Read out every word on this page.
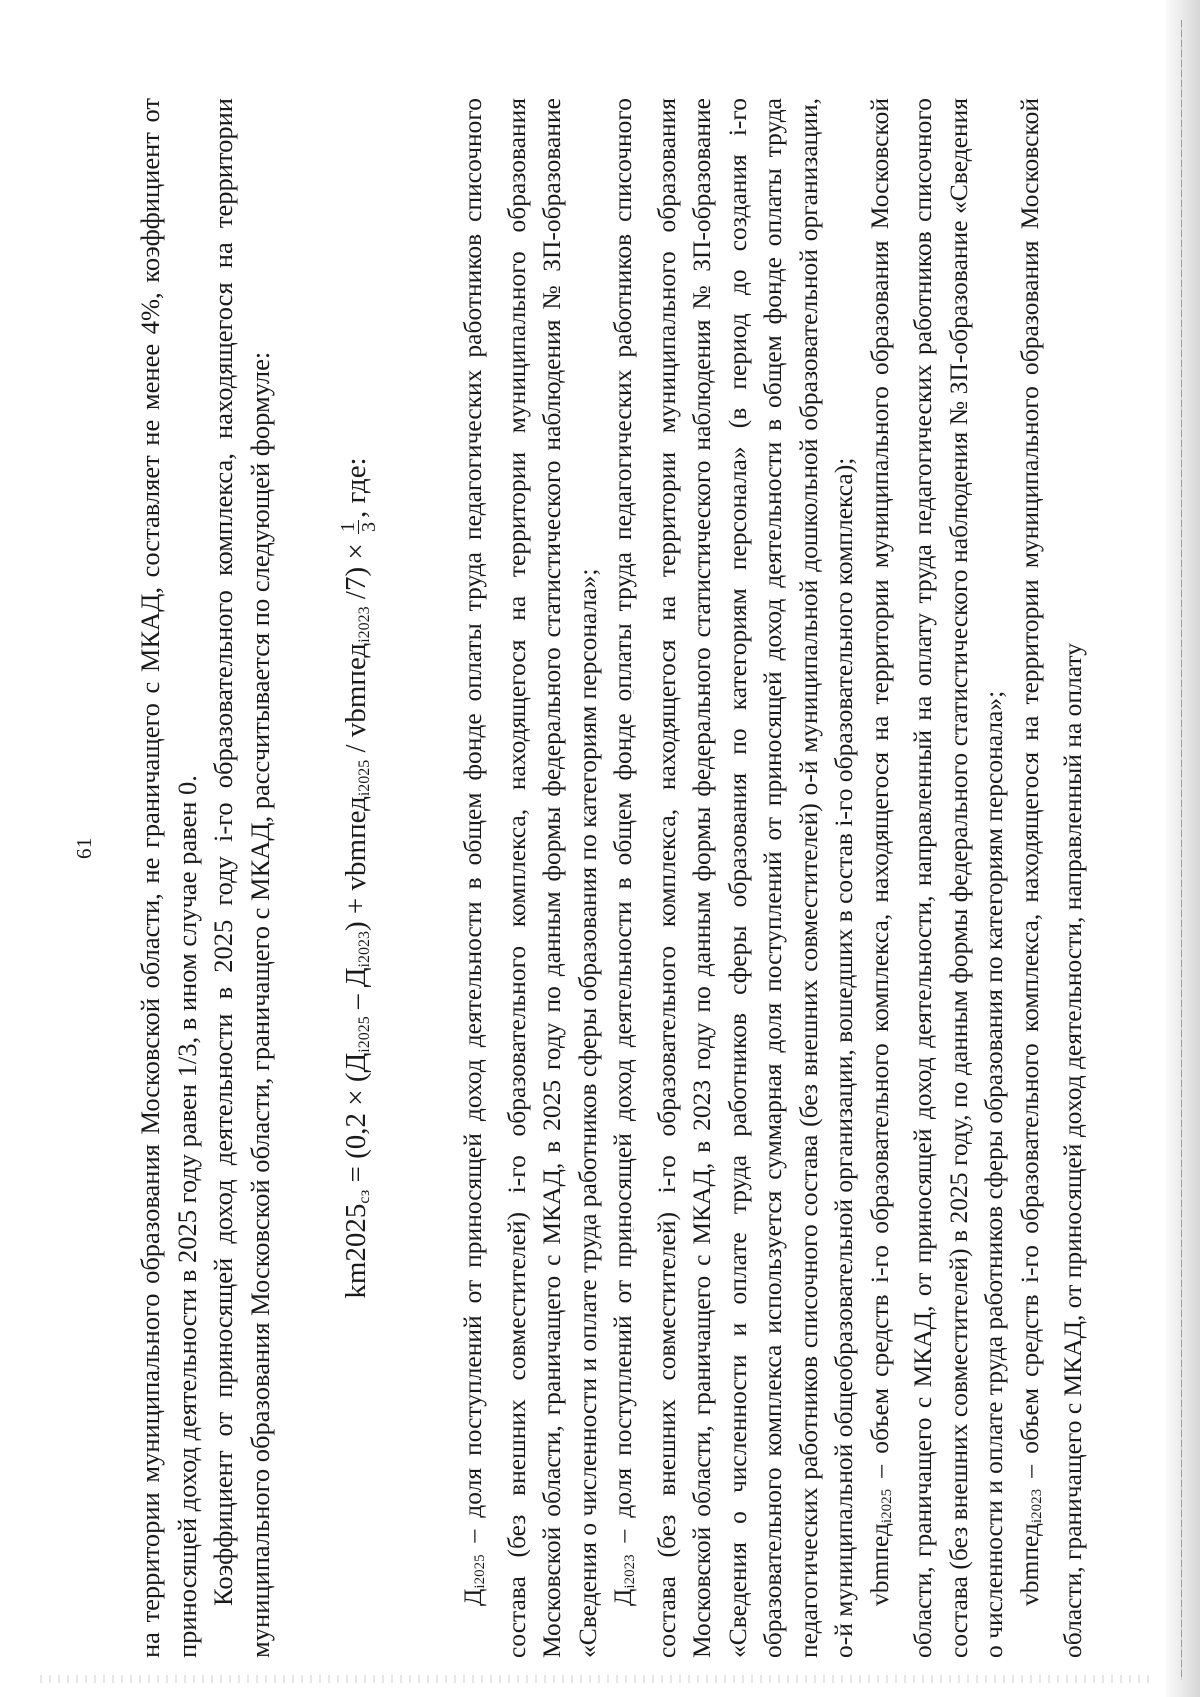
61 на территории муниципального образования Московской области, не граничащего с МКАД, составляет не менее 4%, коэффициент от приносящей доход деятельности в 2025 году равен 1/3, в ином случае равен 0. Коэффициент от приносящей доход деятельности в 2025 году i-го образовательного комплекса, находящегося на территории муниципального образования Московской области, граничащего с МКАД, рассчитывается по следующей формуле: $km2025_{сз} = (0,2 \times (Д_{i2025} - Д_{i2023})$ + vbmпед$_{i2025}$ / vbmпед$_{i2023}$ /7) ×
1 3
, где:

$Д_{i2025}$ – доля поступлений от приносящей доход деятельности в общем фонде оплаты труда педагогических работников списочного состава (без внешних совместителей) i-го образовательного комплекса, находящегося на территории муниципального образования Московской области, граничащего с МКАД, в 2025 году по данным формы федерального статистического наблюдения № ЗП-образование «Сведения о численности и оплате труда работников сферы образования по категориям персонала»; $Д_{i2023}$ – доля поступлений от приносящей доход деятельности в общем фонде оплаты труда педагогических работников списочного состава (без внешних совместителей) i-го образовательного комплекса, находящегося на территории муниципального образования Московской области, граничащего с МКАД, в 2023 году по данным формы федерального статистического наблюдения № ЗП-образование «Сведения о численности и оплате труда работников сферы образования по категориям персонала» (в период до создания i-го образовательного комплекса используется суммарная доля поступлений от приносящей доход деятельности в общем фонде оплаты труда педагогических работников списочного состава (без внешних совместителей) o-й муниципальной дошкольной образовательной организации, о-й муниципальной общеобразовательной организации, вошедших в состав i-го образовательного комплекса); vbmпед$_{i2025}$ – объем средств i-го образовательного комплекса, находящегося на территории муниципального образования Московской области, граничащего с МКАД, от приносящей доход деятельности, направленный на оплату труда педагогических работников списочного состава (без внешних совместителей) в 2025 году, по данным формы федерального статистического наблюдения № ЗП-образование «Сведения о численности и оплате труда работников сферы образования по категориям персонала»; vbmпед$_{i2023}$ – объем средств i-го образовательного комплекса, находящегося на территории муниципального образования Московской области, граничащего с МКАД, от приносящей доход деятельности, направленный на оплату
